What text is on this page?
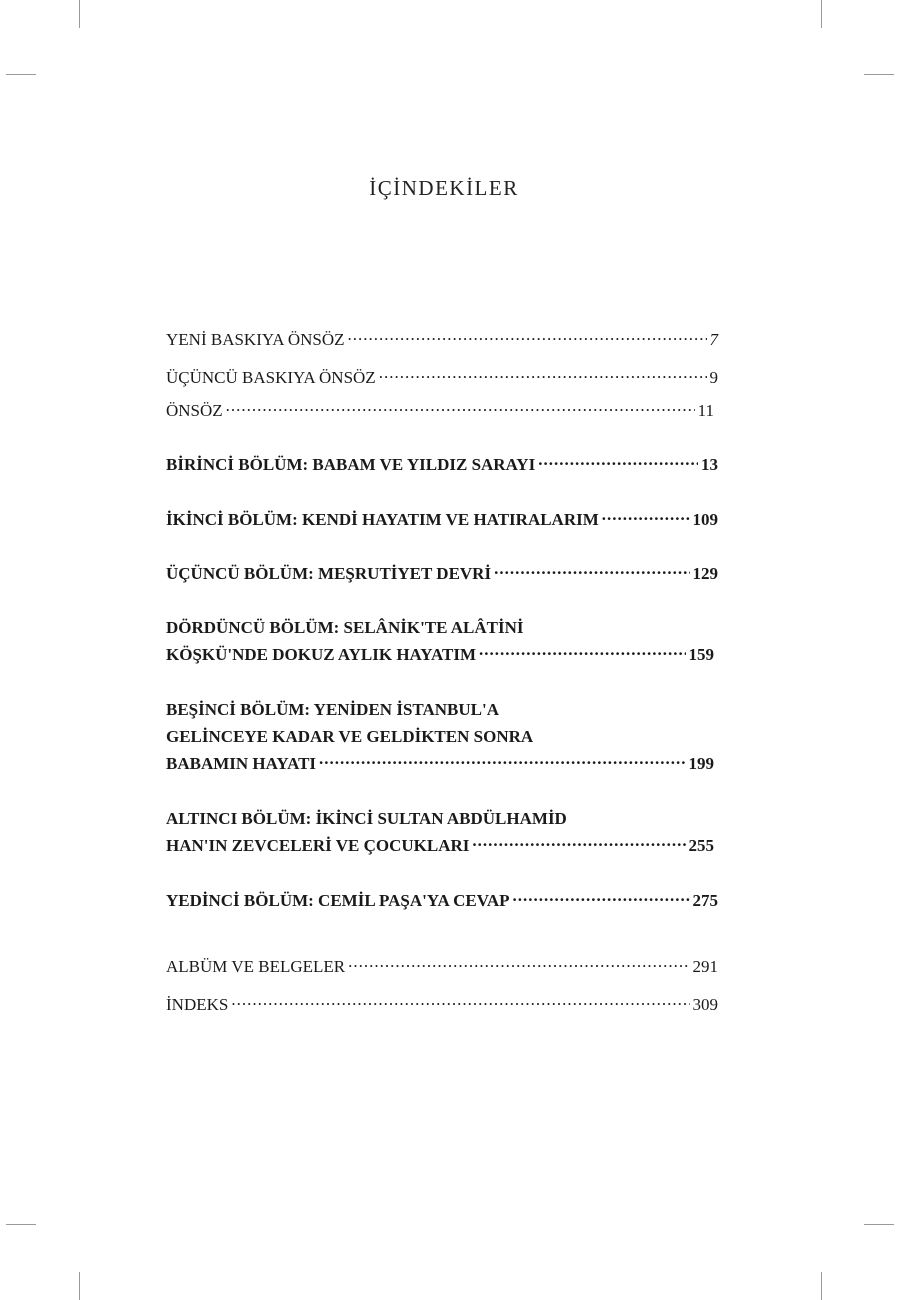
İÇİNDEKİLER
YENİ BASKIYA ÖNSÖZ .....	7
ÜÇÜNCÜ BASKIYA ÖNSÖZ .....	9
ÖNSÖZ .....	11
BİRİNCİ BÖLÜM: BABAM VE YILDIZ SARAYI .....	13
İKİNCİ BÖLÜM: KENDİ HAYATIM VE HATIRALARIM .....	109
ÜÇÜNCÜ BÖLÜM: MEŞRUTİYET DEVRİ .....	129
DÖRDÜNCÜ BÖLÜM: SELÂNİK'TE ALÂTİNİ
KÖŞKÜ'NDE DOKUZ AYLIK HAYATIM .....	159
BEŞİNCİ BÖLÜM: YENİDEN İSTANBUL'A
GELİNCEYE KADAR VE GELDİKTEN SONRA
BABAMIN HAYATI .....	199
ALTINCI BÖLÜM: İKİNCİ SULTAN ABDÜLHAMİD
HAN'IN ZEVCELERİ VE ÇOCUKLARI .....	255
YEDİNCİ BÖLÜM: CEMİL PAŞA'YA CEVAP .....	275
ALBÜM VE BELGELER .....	291
İNDEKS .....	309
